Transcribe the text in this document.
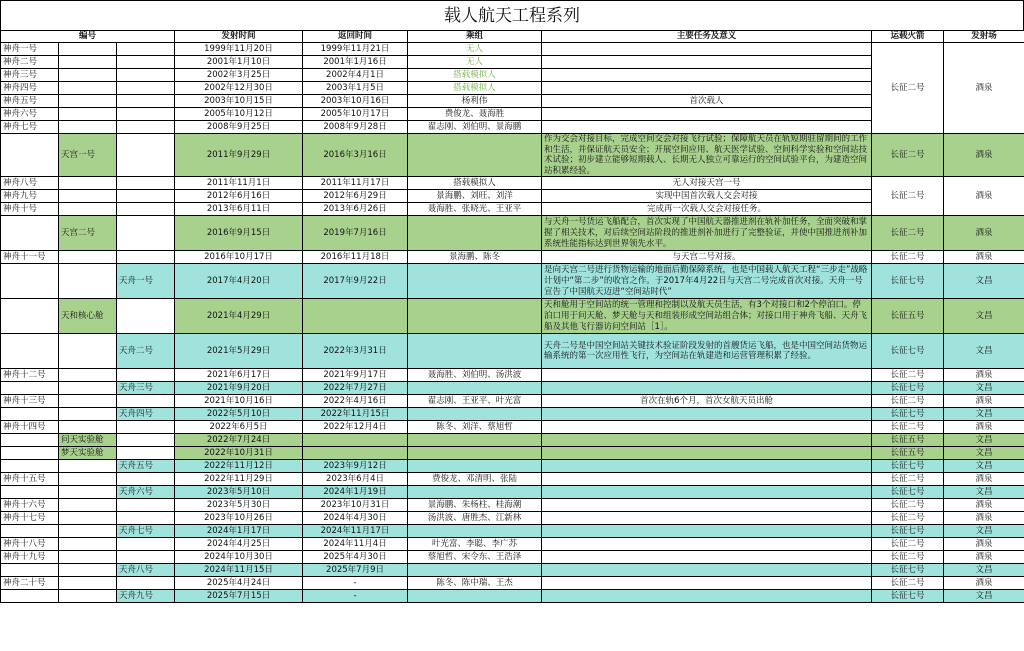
载人航天工程系列
编号			发射时间	返回时间	乘组	主要任务及意义	运载火箭	发射场
神舟一号			1999年11月20日	1999年11月21日	无人		长征二号	酒泉
神舟二号			2001年1月10日	2001年1月16日	无人			
神舟三号			2002年3月25日	2002年4月1日	搭载模拟人			
神舟四号			2002年12月30日	2003年1月5日	搭载模拟人			
神舟五号			2003年10月15日	2003年10月16日	杨利伟	首次载人		
神舟六号			2005年10月12日	2005年10月17日	费俊龙、聂海胜			
神舟七号			2008年9月25日	2008年9月28日	翟志刚、刘伯明、景海鹏			
	天宫一号		2011年9月29日	2016年3月16日		作为交会对接目标，完成空间交会对接飞行试验；保障航天员在轨短期驻留期间的工作和生活，并保证航天员安全；开展空间应用、航天医学试验、空间科学实验和空间站技术试验；初步建立能够短期载人、长期无人独立可靠运行的空间试验平台，为建造空间站积累经验。	长征二号	酒泉
神舟八号			2011年11月1日	2011年11月17日	搭载模拟人	无人对接天宫一号	长征二号	酒泉
神舟九号			2012年6月16日	2012年6月29日	景海鹏、刘旺、刘洋	实现中国首次载人交会对接		
神舟十号			2013年6月11日	2013年6月26日	聂海胜、张晓光、王亚平	完成再一次载人交会对接任务。		
	天宫二号		2016年9月15日	2019年7月16日		与天舟一号货运飞船配合，首次实现了中国航天器推进剂在轨补加任务，全面突破和掌握了相关技术，对后续空间站阶段的推进剂补加进行了完整验证，并使中国推进剂补加系统性能指标达到世界领先水平。	长征二号	酒泉
神舟十一号			2016年10月17日	2016年11月18日	景海鹏、陈冬	与天宫二号对接。	长征二号	酒泉
		天舟一号	2017年4月20日	2017年9月22日		是向天宫二号进行货物运输的地面后勤保障系统，也是中国载人航天工程“三步走”战略计划中“第二步”的收官之作。于2017年4月22日与天宫二号完成首次对接。天舟一号宣告了中国航天迈进“空间站时代”	长征七号	文昌
	天和核心舱		2021年4月29日			天和舱用于空间站的统一管理和控制以及航天员生活，有3个对接口和2个停泊口。停泊口用于问天舱、梦天舱与天和组装形成空间站组合体；对接口用于神舟飞船、天舟飞船及其他飞行器访问空间站［1］。	长征五号	文昌
		天舟二号	2021年5月29日	2022年3月31日		天舟二号是中国空间站关键技术验证阶段发射的首艘货运飞船，也是中国空间站货物运输系统的第一次应用性飞行，为空间站在轨建造和运营管理积累了经验。	长征七号	文昌
神舟十二号			2021年6月17日	2021年9月17日	聂海胜、刘伯明、汤洪波		长征二号	酒泉
		天舟三号	2021年9月20日	2022年7月27日			长征七号	文昌
神舟十三号			2021年10月16日	2022年4月16日	翟志刚、王亚平、叶光富	首次在轨6个月，首次女航天员出舱	长征二号	酒泉
		天舟四号	2022年5月10日	2022年11月15日			长征七号	文昌
神舟十四号			2022年6月5日	2022年12月4日	陈冬、刘洋、蔡旭哲		长征二号	酒泉
	问天实验舱		2022年7月24日				长征五号	文昌
	梦天实验舱		2022年10月31日				长征五号	文昌
		天舟五号	2022年11月12日	2023年9月12日			长征七号	文昌
神舟十五号			2022年11月29日	2023年6月4日	费俊龙、邓清明、张陆		长征二号	酒泉
		天舟六号	2023年5月10日	2024年1月19日			长征七号	文昌
神舟十六号			2023年5月30日	2023年10月31日	景海鹏、朱杨柱、桂海潮		长征二号	酒泉
神舟十七号			2023年10月26日	2024年4月30日	汤洪波、唐胜杰、江新林		长征二号	酒泉
		天舟七号	2024年1月17日	2024年11月17日			长征七号	文昌
神舟十八号			2024年4月25日	2024年11月4日	叶光富、李聪、李广苏		长征二号	酒泉
神舟十九号			2024年10月30日	2025年4月30日	蔡旭哲、宋令东、王浩泽		长征二号	酒泉
		天舟八号	2024年11月15日	2025年7月9日			长征七号	文昌
神舟二十号			2025年4月24日	-	陈冬、陈中瑞、王杰		长征二号	酒泉
		天舟九号	2025年7月15日	-			长征七号	文昌
